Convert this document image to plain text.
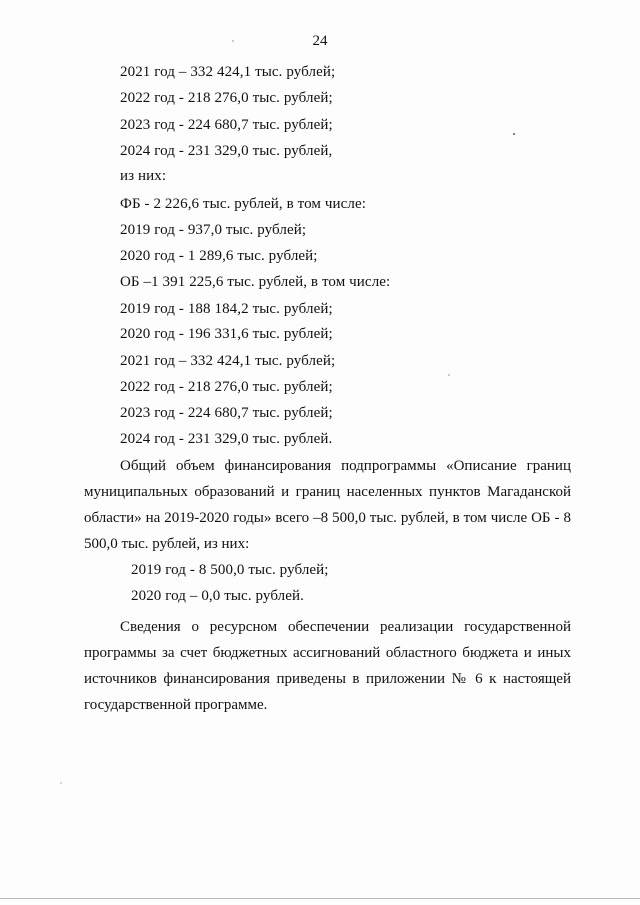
24
2021 год – 332 424,1 тыс. рублей;
2022 год - 218 276,0 тыс. рублей;
2023 год - 224 680,7 тыс. рублей;
2024 год - 231 329,0 тыс. рублей,
из них:
ФБ - 2 226,6 тыс. рублей, в том числе:
2019 год - 937,0 тыс. рублей;
2020 год - 1 289,6 тыс. рублей;
ОБ –1 391 225,6 тыс. рублей, в том числе:
2019 год - 188 184,2 тыс. рублей;
2020 год - 196 331,6 тыс. рублей;
2021 год – 332 424,1 тыс. рублей;
2022 год - 218 276,0 тыс. рублей;
2023 год - 224 680,7 тыс. рублей;
2024 год - 231 329,0 тыс. рублей.
Общий объем финансирования подпрограммы «Описание границ муниципальных образований и границ населенных пунктов Магаданской области» на 2019-2020 годы» всего –8 500,0 тыс. рублей, в том числе ОБ - 8 500,0 тыс. рублей, из них:
2019 год - 8 500,0 тыс. рублей;
2020 год – 0,0 тыс. рублей.
Сведения о ресурсном обеспечении реализации государственной программы за счет бюджетных ассигнований областного бюджета и иных источников финансирования приведены в приложении № 6 к настоящей государственной программе.
